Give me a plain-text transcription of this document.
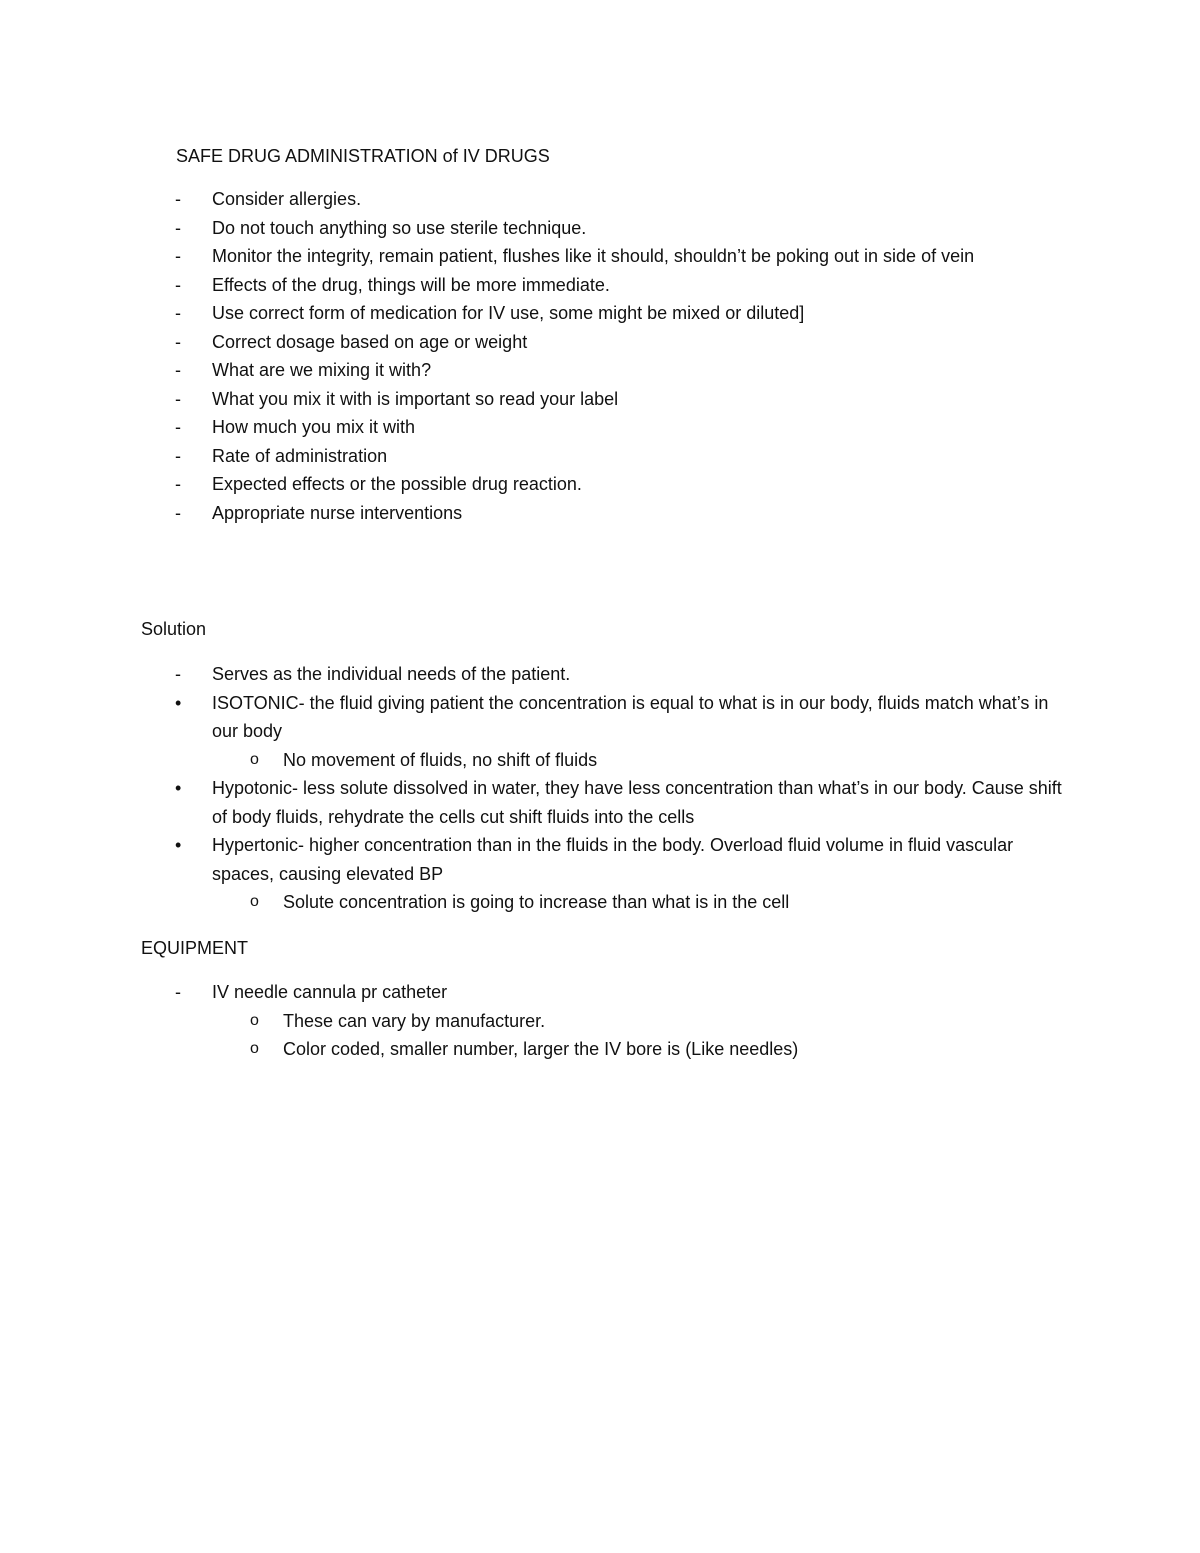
SAFE DRUG ADMINISTRATION of IV DRUGS
- Consider allergies.
- Do not touch anything so use sterile technique.
- Monitor the integrity, remain patient, flushes like it should, shouldn’t be poking out in side of vein
- Effects of the drug, things will be more immediate.
- Use correct form of medication for IV use, some might be mixed or diluted]
- Correct dosage based on age or weight
- What are we mixing it with?
- What you mix it with is important so read your label
- How much you mix it with
- Rate of administration
- Expected effects or the possible drug reaction.
- Appropriate nurse interventions
Solution
- Serves as the individual needs of the patient.
• ISOTONIC- the fluid giving patient the concentration is equal to what is in our body, fluids match what’s in our body
o No movement of fluids, no shift of fluids
• Hypotonic- less solute dissolved in water, they have less concentration than what’s in our body. Cause shift of body fluids, rehydrate the cells cut shift fluids into the cells
• Hypertonic- higher concentration than in the fluids in the body. Overload fluid volume in fluid vascular spaces, causing elevated BP
o Solute concentration is going to increase than what is in the cell
EQUIPMENT
- IV needle cannula pr catheter
o These can vary by manufacturer.
o Color coded, smaller number, larger the IV bore is (Like needles)
